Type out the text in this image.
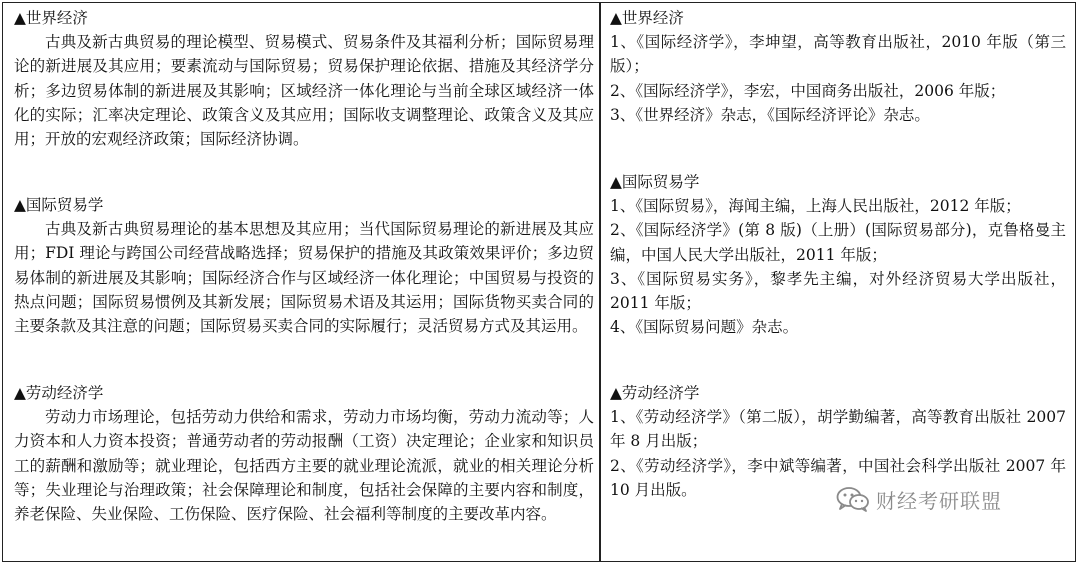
▲世界经济
古典及新古典贸易的理论模型、贸易模式、贸易条件及其福利分析；国际贸易理论的新进展及其应用；要素流动与国际贸易；贸易保护理论依据、措施及其经济学分析；多边贸易体制的新进展及其影响；区域经济一体化理论与当前全球区域经济一体化的实际；汇率决定理论、政策含义及其应用；国际收支调整理论、政策含义及其应用；开放的宏观经济政策；国际经济协调。
▲国际贸易学
古典及新古典贸易理论的基本思想及其应用；当代国际贸易理论的新进展及其应用；FDI 理论与跨国公司经营战略选择；贸易保护的措施及其政策效果评价；多边贸易体制的新进展及其影响；国际经济合作与区域经济一体化理论；中国贸易与投资的热点问题；国际贸易惯例及其新发展；国际贸易术语及其运用；国际货物买卖合同的主要条款及其注意的问题；国际贸易买卖合同的实际履行；灵活贸易方式及其运用。
▲劳动经济学
劳动力市场理论，包括劳动力供给和需求，劳动力市场均衡，劳动力流动等；人力资本和人力资本投资；普通劳动者的劳动报酬（工资）决定理论；企业家和知识员工的薪酬和激励等；就业理论，包括西方主要的就业理论流派，就业的相关理论分析等；失业理论与治理政策；社会保障理论和制度，包括社会保障的主要内容和制度，养老保险、失业保险、工伤保险、医疗保险、社会福利等制度的主要改革内容。
▲世界经济
1、《国际经济学》，李坤望，高等教育出版社，2010 年版（第三版）；
2、《国际经济学》，李宏，中国商务出版社，2006 年版；
3、《世界经济》杂志，《国际经济评论》杂志。
▲国际贸易学
1、《国际贸易》，海闻主编，上海人民出版社，2012 年版；
2、《国际经济学》(第 8 版)（上册）(国际贸易部分)，克鲁格曼主编，中国人民大学出版社，2011 年版；
3、《国际贸易实务》，黎孝先主编，对外经济贸易大学出版社，2011 年版；
4、《国际贸易问题》杂志。
▲劳动经济学
1、《劳动经济学》（第二版），胡学勤编著，高等教育出版社 2007 年 8 月出版；
2、《劳动经济学》，李中斌等编著，中国社会科学出版社 2007 年 10 月出版。	财经考研联盟
